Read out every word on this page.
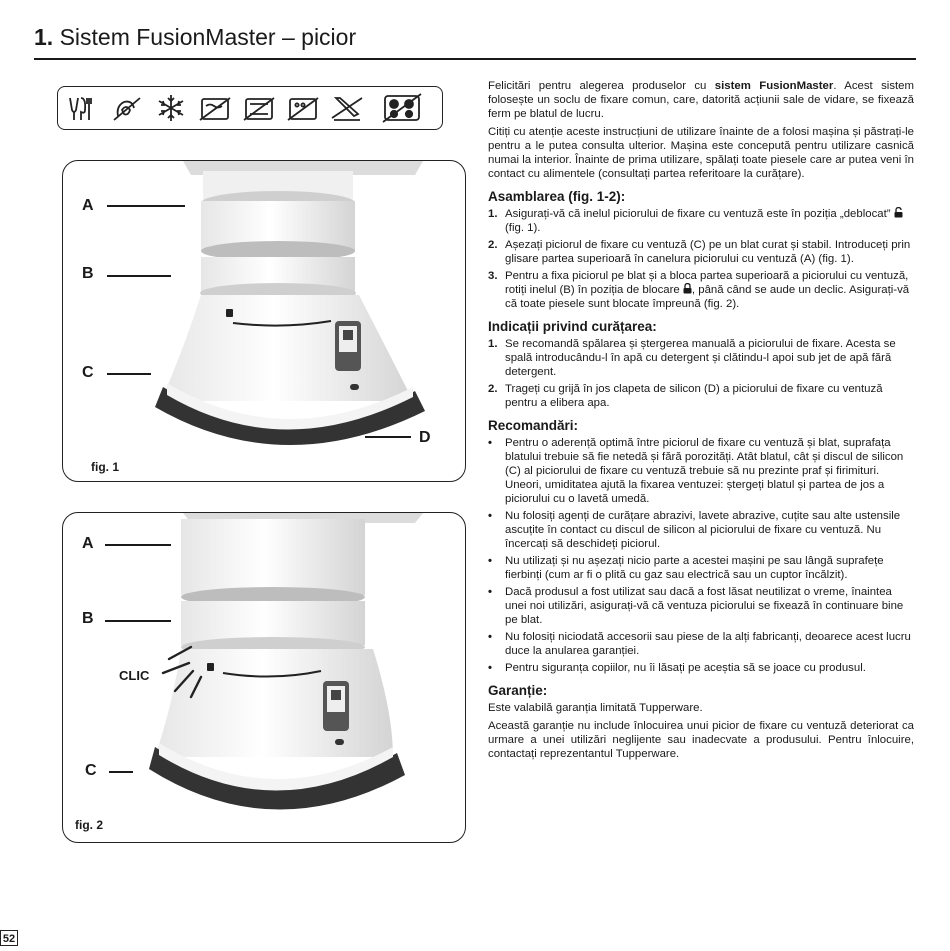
1. Sistem FusionMaster – picior
A
B
C
D
fig. 1
A
B
CLIC
C
fig. 2

Felicitări pentru alegerea produselor cu sistem FusionMaster. Acest sistem folosește un soclu de fixare comun, care, datorită acțiunii sale de vidare, se fixează ferm pe blatul de lucru.

Citiți cu atenție aceste instrucțiuni de utilizare înainte de a folosi mașina și păstrați-le pentru a le putea consulta ulterior. Mașina este concepută pentru utilizare casnică numai la interior. Înainte de prima utilizare, spălați toate piesele care ar putea veni în contact cu alimentele (consultați partea referitoare la curățare).

Asamblarea (fig. 1-2):
1. Asigurați-vă că inelul piciorului de fixare cu ventuză este în poziția „deblocat”  (fig. 1).
2. Așezați piciorul de fixare cu ventuză (C) pe un blat curat și stabil. Introduceți prin glisare partea superioară în canelura piciorului cu ventuză (A) (fig. 1).
3. Pentru a fixa piciorul pe blat și a bloca partea superioară a piciorului cu ventuză, rotiți inelul (B) în poziția de blocare , până când se aude un declic. Asigurați-vă că toate piesele sunt blocate împreună (fig. 2).
Indicații privind curățarea:
1. Se recomandă spălarea și ștergerea manuală a piciorului de fixare. Acesta se spală introducându-l în apă cu detergent și clătindu-l apoi sub jet de apă fără detergent.
2. Trageți cu grijă în jos clapeta de silicon (D) a piciorului de fixare cu ventuză pentru a elibera apa.
Recomandări:
• Pentru o aderență optimă între piciorul de fixare cu ventuză și blat, suprafața blatului trebuie să fie netedă și fără porozități. Atât blatul, cât și discul de silicon (C) al piciorului de fixare cu ventuză trebuie să nu prezinte praf și firimituri. Uneori, umiditatea ajută la fixarea ventuzei: ștergeți blatul și partea de jos a piciorului cu o lavetă umedă.
• Nu folosiți agenți de curățare abrazivi, lavete abrazive, cuțite sau alte ustensile ascuțite în contact cu discul de silicon al piciorului de fixare cu ventuză. Nu încercați să deschideți piciorul.
• Nu utilizați și nu așezați nicio parte a acestei mașini pe sau lângă suprafețe fierbinți (cum ar fi o plită cu gaz sau electrică sau un cuptor încălzit).
• Dacă produsul a fost utilizat sau dacă a fost lăsat neutilizat o vreme, înaintea unei noi utilizări, asigurați-vă că ventuza piciorului se fixează în continuare bine pe blat.
• Nu folosiți niciodată accesorii sau piese de la alți fabricanți, deoarece acest lucru duce la anularea garanției.
• Pentru siguranța copiilor, nu îi lăsați pe aceștia să se joace cu produsul.
Garanție:

Este valabilă garanția limitată Tupperware.

Această garanție nu include înlocuirea unui picior de fixare cu ventuză deteriorat ca urmare a unei utilizări neglijente sau inadecvate a produsului. Pentru înlocuire, contactați reprezentantul Tupperware.

52
